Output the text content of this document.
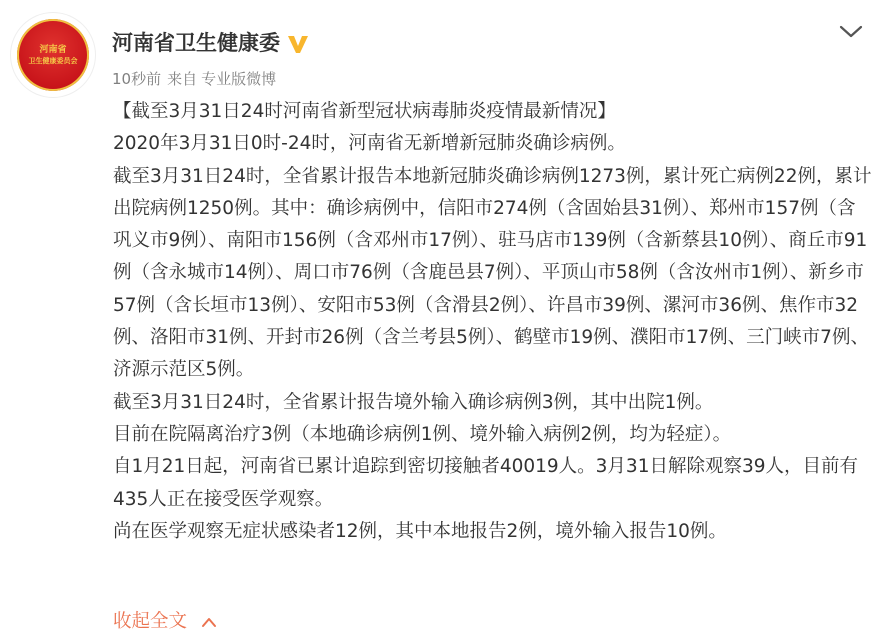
河南省
卫生健康委员会
河南省卫生健康委
10秒前 来自 专业版微博

【截至3月31日24时河南省新型冠状病毒肺炎疫情最新情况】

2020年3月31日0时-24时，河南省无新增新冠肺炎确诊病例。

截至3月31日24时，全省累计报告本地新冠肺炎确诊病例1273例，累计死亡病例22例，累计出院病例1250例。其中：确诊病例中，信阳市274例（含固始县31例）、郑州市157例（含巩义市9例）、南阳市156例（含邓州市17例）、驻马店市139例（含新蔡县10例）、商丘市91例（含永城市14例）、周口市76例（含鹿邑县7例）、平顶山市58例（含汝州市1例）、新乡市57例（含长垣市13例）、安阳市53例（含滑县2例）、许昌市39例、漯河市36例、焦作市32例、洛阳市31例、开封市26例（含兰考县5例）、鹤壁市19例、濮阳市17例、三门峡市7例、济源示范区5例。

截至3月31日24时，全省累计报告境外输入确诊病例3例，其中出院1例。

目前在院隔离治疗3例（本地确诊病例1例、境外输入病例2例，均为轻症）。

自1月21日起，河南省已累计追踪到密切接触者40019人。3月31日解除观察39人，目前有435人正在接受医学观察。

尚在医学观察无症状感染者12例，其中本地报告2例，境外输入报告10例。

收起全文
